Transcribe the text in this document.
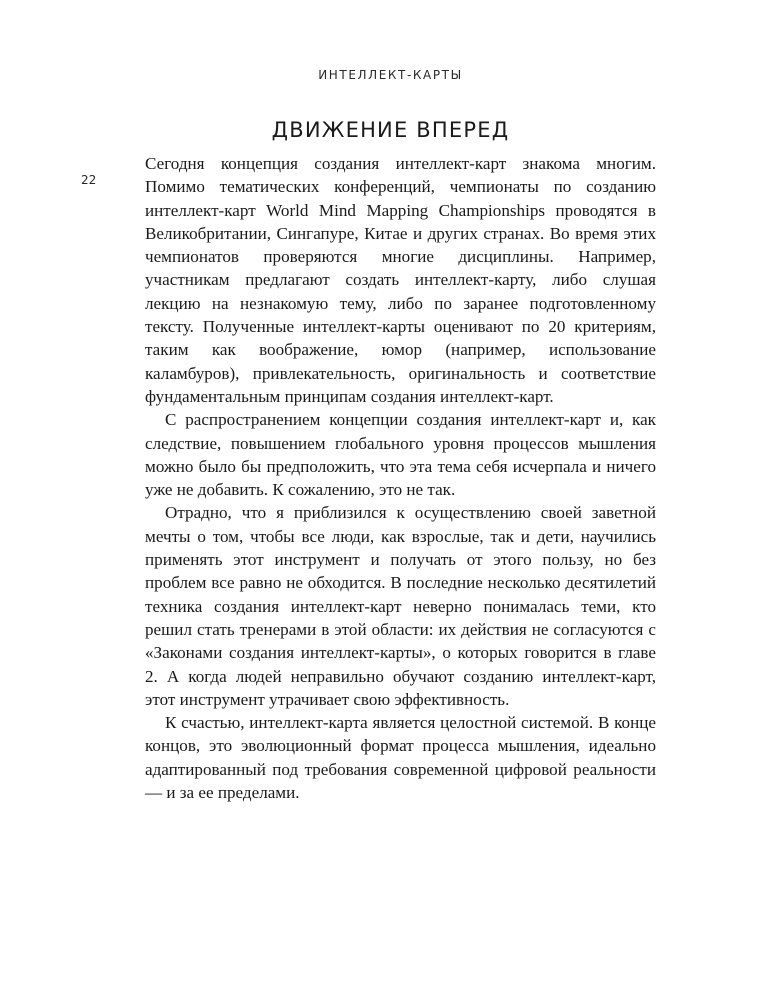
ИНТЕЛЛЕКТ-КАРТЫ
22
ДВИЖЕНИЕ ВПЕРЕД

Сегодня концепция создания интеллект-карт знакома многим. Помимо тематических конференций, чемпионаты по созданию интеллект-карт World Mind Mapping Championships проводятся в Великобритании, Сингапуре, Китае и других странах. Во время этих чемпионатов проверяются многие дисциплины. Например, участникам предлагают создать интеллект-карту, либо слушая лекцию на незнакомую тему, либо по заранее подготовленному тексту. Полученные интеллект-карты оценивают по 20 критериям, таким как воображение, юмор (например, использование каламбуров), привлекательность, оригинальность и соответствие фундаментальным принципам создания интеллект-карт.

С распространением концепции создания интеллект-карт и, как следствие, повышением глобального уровня процессов мышления можно было бы предположить, что эта тема себя исчерпала и ничего уже не добавить. К сожалению, это не так.

Отрадно, что я приблизился к осуществлению своей заветной мечты о том, чтобы все люди, как взрослые, так и дети, научились применять этот инструмент и получать от этого пользу, но без проблем все равно не обходится. В последние несколько десятилетий техника создания интеллект-карт неверно понималась теми, кто решил стать тренерами в этой области: их действия не согласуются с «Законами создания интеллект-карты», о которых говорится в главе 2. А когда людей неправильно обучают созданию интеллект-карт, этот инструмент утрачивает свою эффективность.

К счастью, интеллект-карта является целостной системой. В конце концов, это эволюционный формат процесса мышления, идеально адаптированный под требования современной цифровой реальности — и за ее пределами.
